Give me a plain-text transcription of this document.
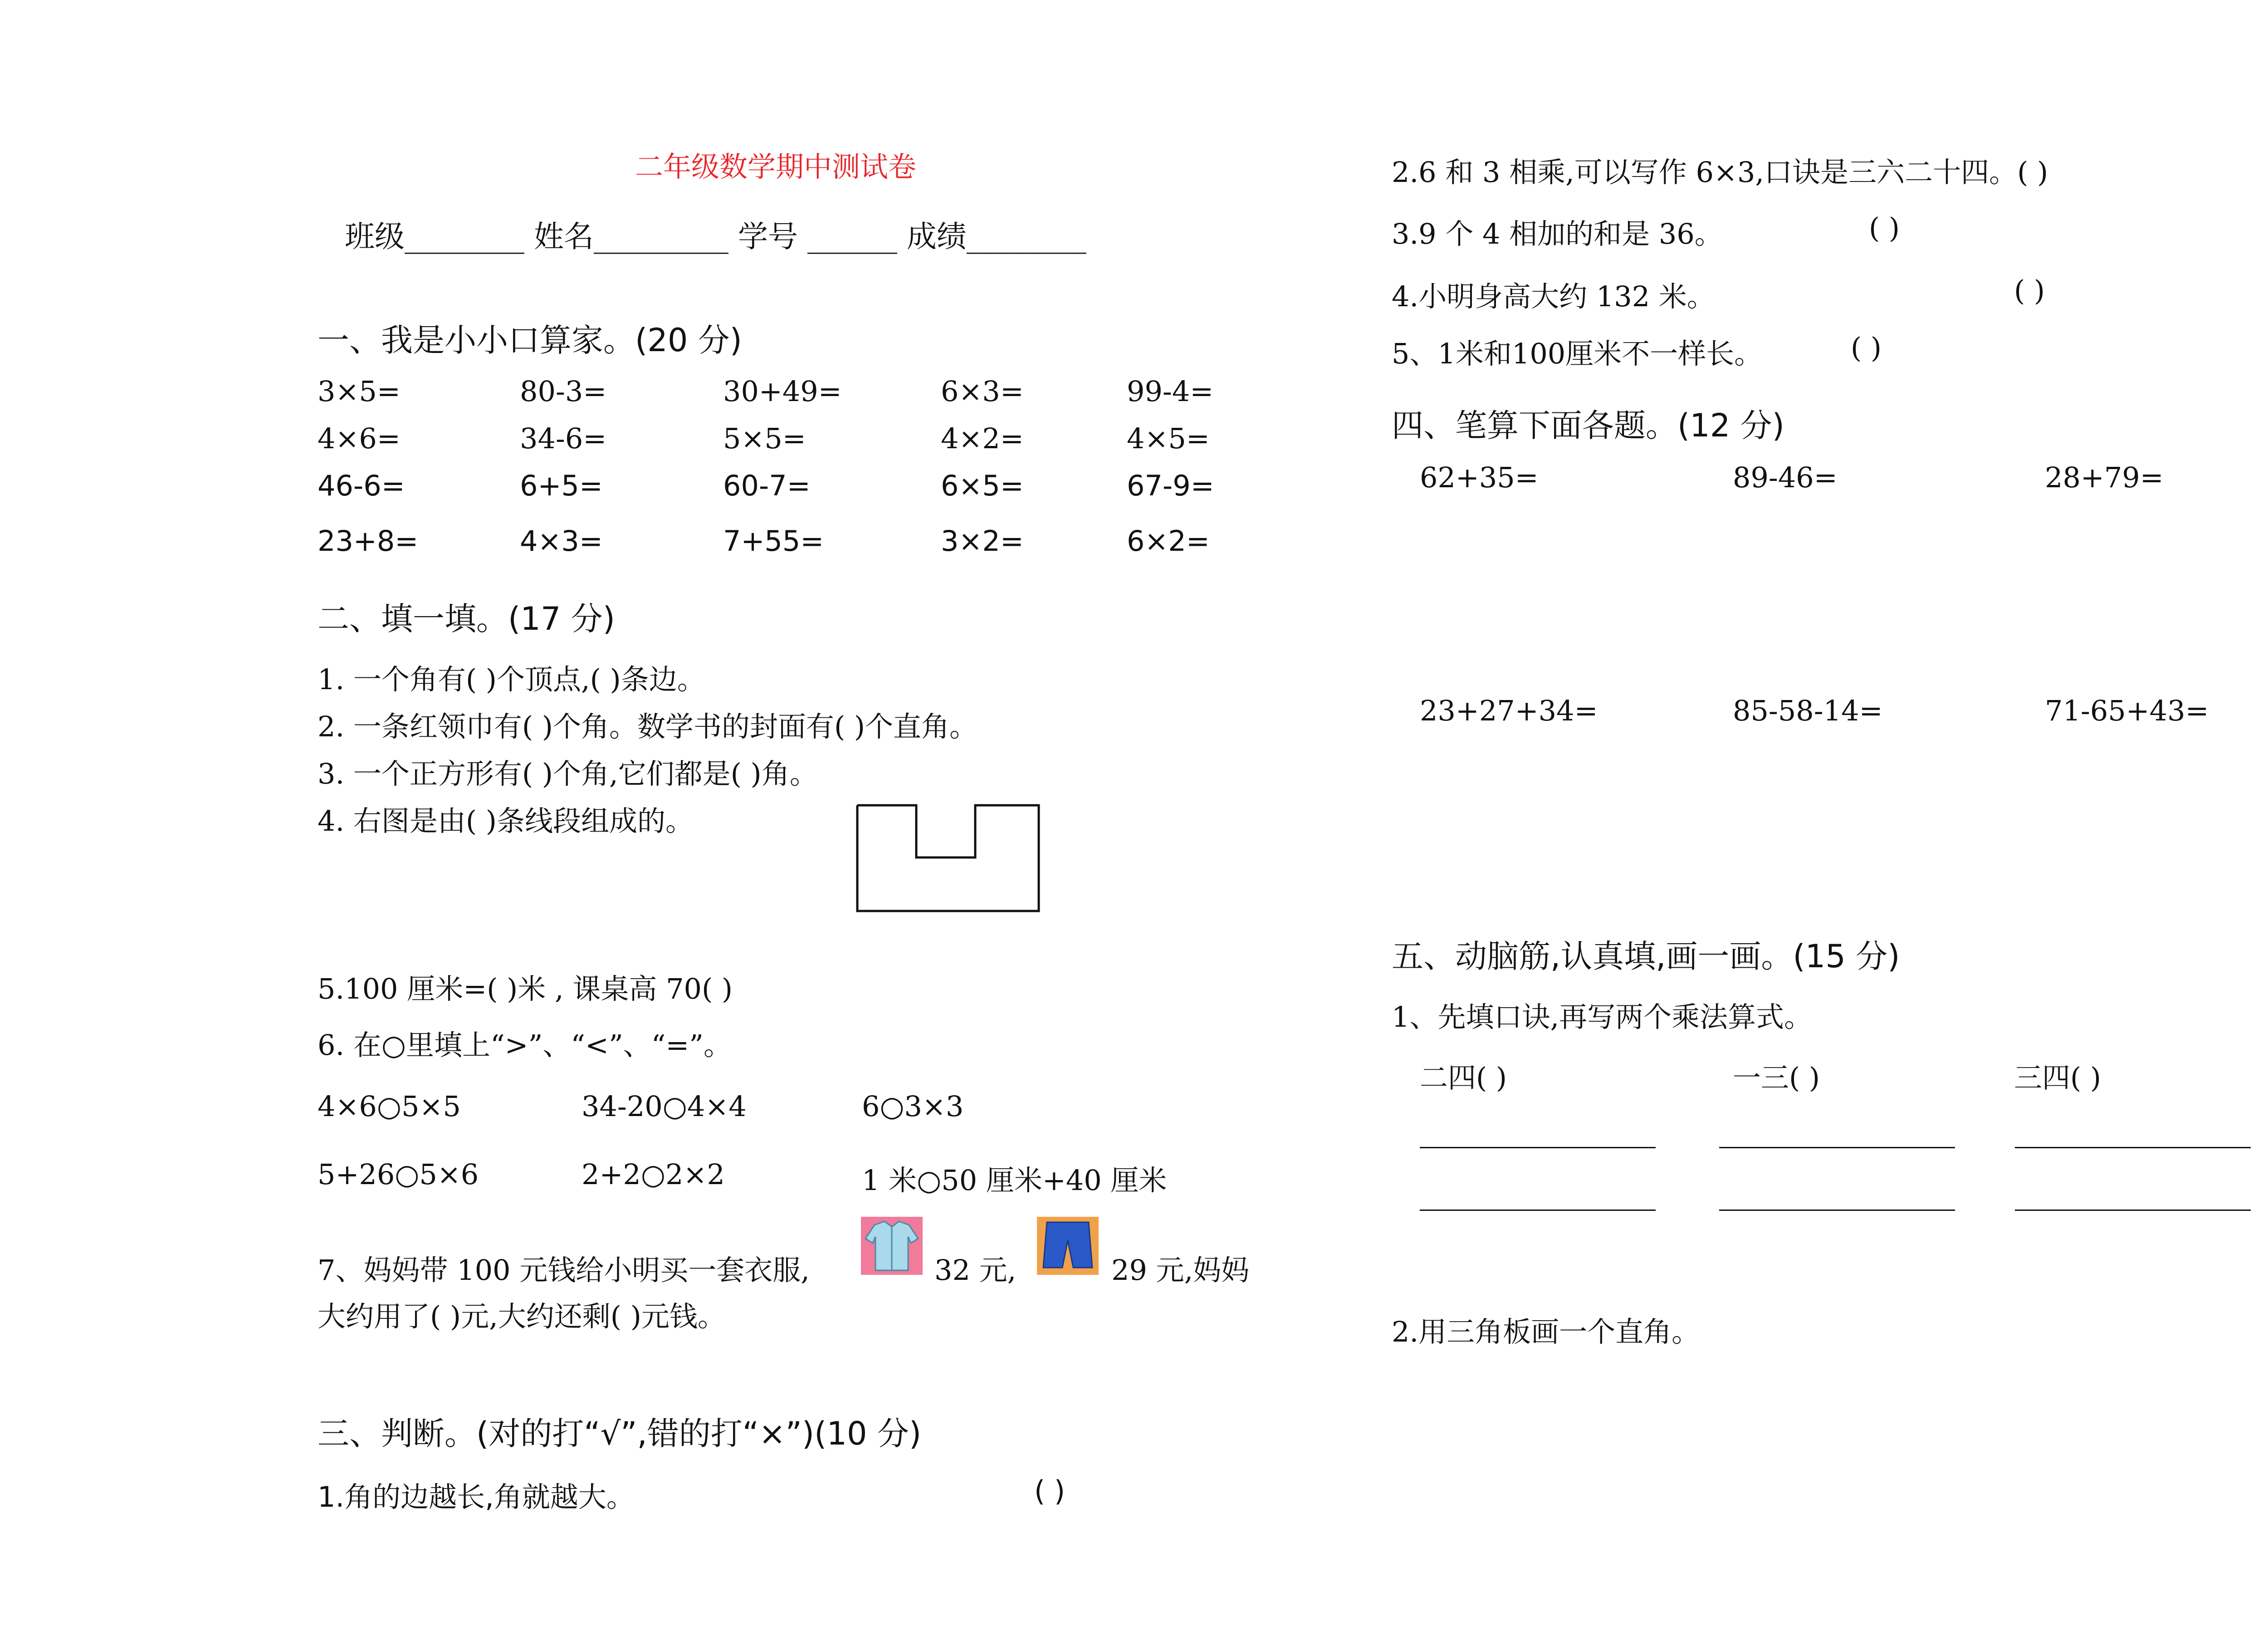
二年级数学期中测试卷
班级________ 姓名_________ 学号 ______ 成绩________
一、我是小小口算家。(20 分)
二、填一填。(17 分)
1. 一个角有( )个顶点,( )条边。
2. 一条红领巾有( )个角。数学书的封面有( )个直角。
3. 一个正方形有( )个角,它们都是( )角。
4. 右图是由( )条线段组成的。
5.100 厘米=( )米 , 课桌高 70( )
6. 在○里填上“>”、“<”、“=”。
7、妈妈带 100 元钱给小明买一套衣服,	32 元,	29 元,妈妈
大约用了( )元,大约还剩( )元钱。
三、判断。(对的打“√”,错的打“×”)(10 分)
1.角的边越长,角就越大。	( )
2.6 和 3 相乘,可以写作 6×3,口诀是三六二十四。( )
3.9 个 4 相加的和是 36。	( )
4.小明身高大约 132 米。	( )
5、1米和100厘米不一样长。	( )
四、笔算下面各题。(12 分)
五、动脑筋,认真填,画一画。(15 分)
1、先填口诀,再写两个乘法算式。
2.用三角板画一个直角。
3×5=	80-3=	30+49=	6×3=	99-4=
4×6=	34-6=	5×5=	4×2=	4×5=
46-6=	6+5=	60-7=	6×5=	67-9=
23+8=	4×3=	7+55=	3×2=	6×2=
4×6○5×5	34-20○4×4	6○3×3
5+26○5×6	2+2○2×2	1 米○50 厘米+40 厘米
62+35=	89-46=	28+79=
23+27+34=	85-58-14=	71-65+43=
二四( )	一三( )	三四( )
